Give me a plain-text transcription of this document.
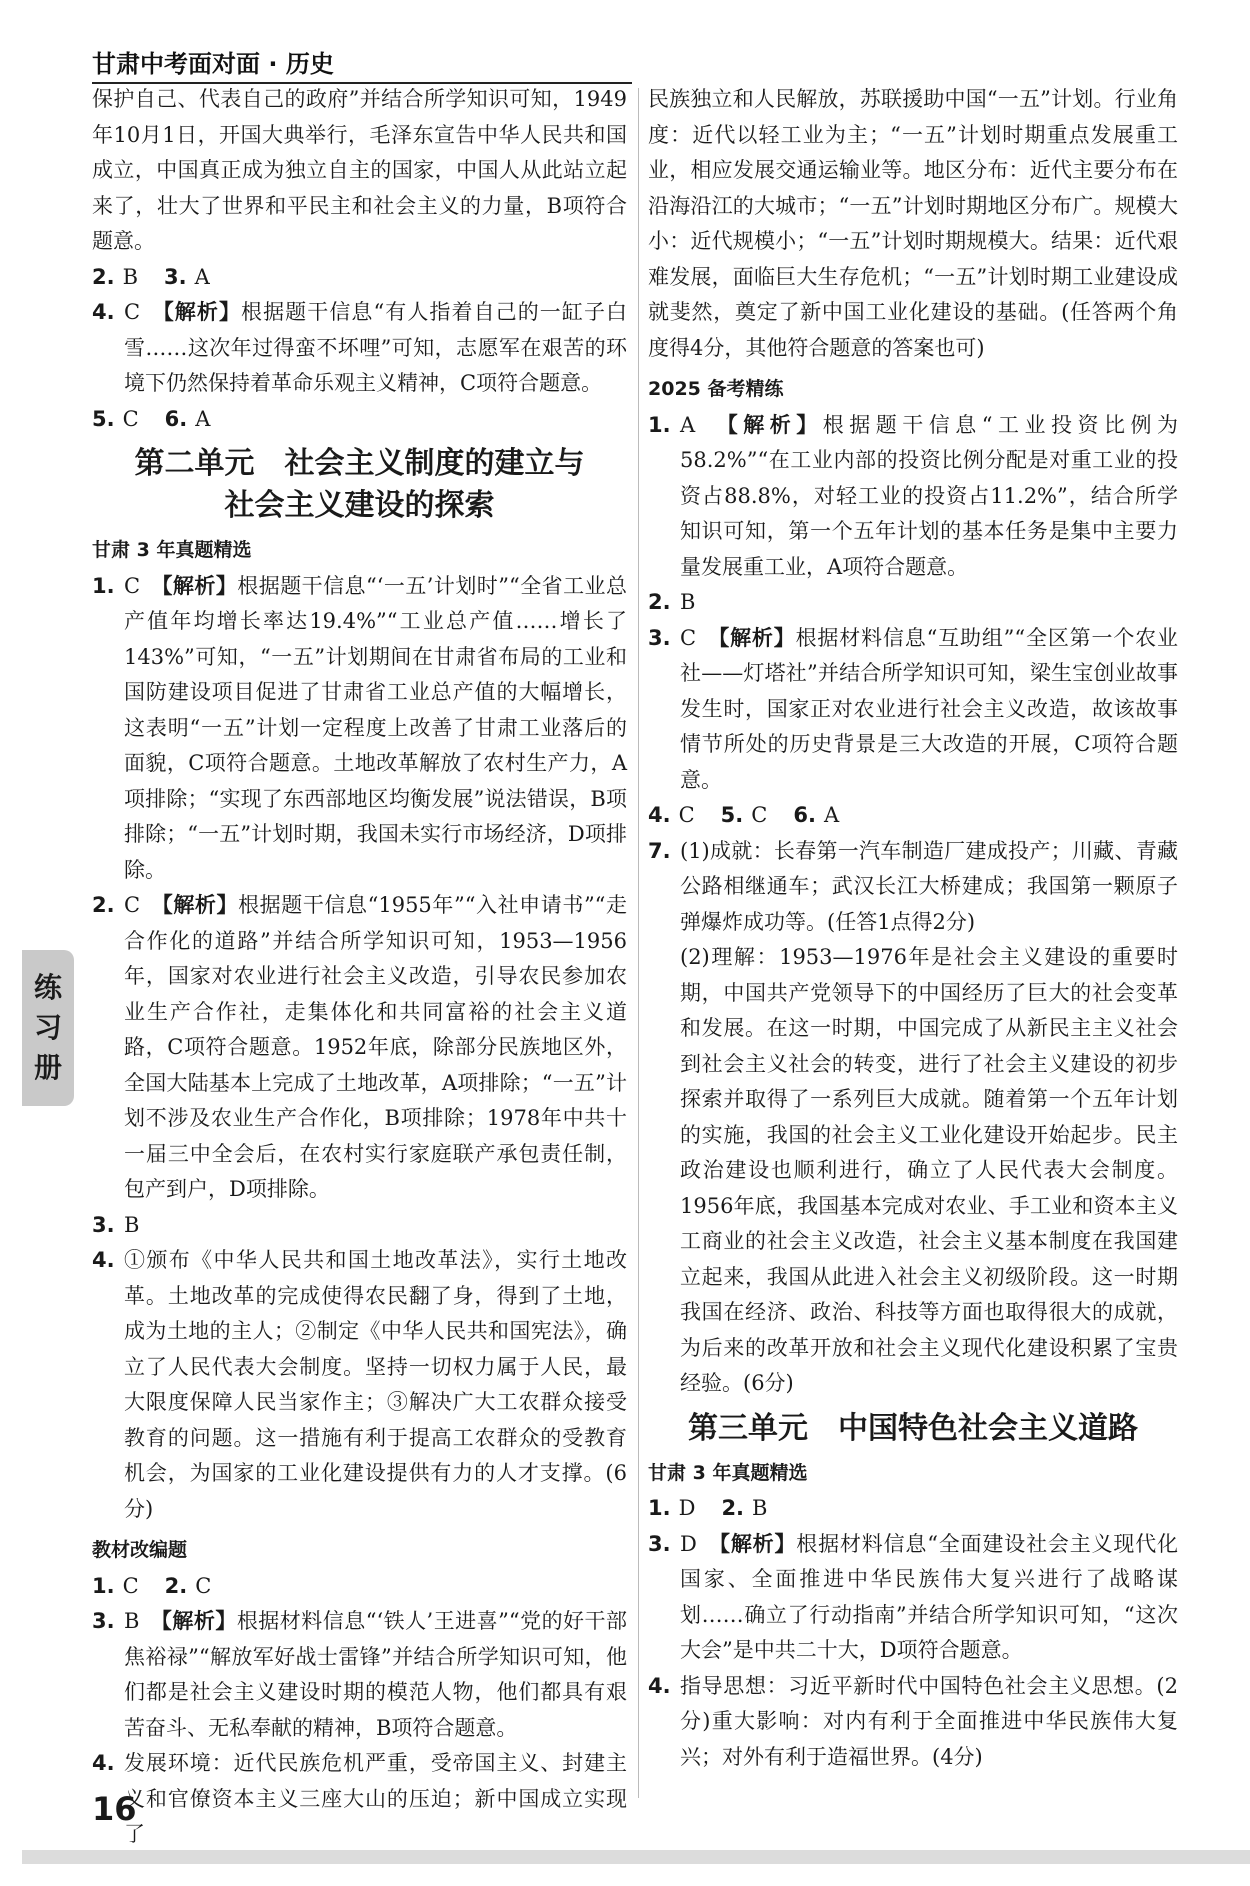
甘肃中考面对面 · 历史

保护自己、代表自己的政府”并结合所学知识可知，1949年10月1日，开国大典举行，毛泽东宣告中华人民共和国成立，中国真正成为独立自主的国家，中国人从此站立起来了，壮大了世界和平民主和社会主义的力量，B项符合题意。

2. B 3. A
4. C　 【解析】根据题干信息“有人指着自己的一缸子白雪……这次年过得蛮不坏哩”可知，志愿军在艰苦的环境下仍然保持着革命乐观主义精神，C项符合题意。
5. C 6. A
第二单元　社会主义制度的建立与
社会主义建设的探索
甘肃 3 年真题精选
1. C　 【解析】根据题干信息“‘一五’计划时”“全省工业总产值年均增长率达19.4%”“工业总产值……增长了143%”可知，“一五”计划期间在甘肃省布局的工业和国防建设项目促进了甘肃省工业总产值的大幅增长，这表明“一五”计划一定程度上改善了甘肃工业落后的面貌，C项符合题意。土地改革解放了农村生产力，A项排除；“实现了东西部地区均衡发展”说法错误，B项排除；“一五”计划时期，我国未实行市场经济，D项排除。
2. C　 【解析】根据题干信息“1955年”“入社申请书”“走合作化的道路”并结合所学知识可知，1953—1956年，国家对农业进行社会主义改造，引导农民参加农业生产合作社，走集体化和共同富裕的社会主义道路，C项符合题意。1952年底，除部分民族地区外，全国大陆基本上完成了土地改革，A项排除；“一五”计划不涉及农业生产合作化，B项排除；1978年中共十一届三中全会后，在农村实行家庭联产承包责任制，包产到户，D项排除。
3. B
4. ①颁布《中华人民共和国土地改革法》，实行土地改革。土地改革的完成使得农民翻了身，得到了土地，成为土地的主人；②制定《中华人民共和国宪法》，确立了人民代表大会制度。坚持一切权力属于人民，最大限度保障人民当家作主；③解决广大工农群众接受教育的问题。这一措施有利于提高工农群众的受教育机会，为国家的工业化建设提供有力的人才支撑。(6分)
教材改编题
1. C 2. C
3. B　 【解析】根据材料信息“‘铁人’王进喜”“党的好干部焦裕禄”“解放军好战士雷锋”并结合所学知识可知，他们都是社会主义建设时期的模范人物，他们都具有艰苦奋斗、无私奉献的精神，B项符合题意。
4. 发展环境：近代民族危机严重，受帝国主义、封建主义和官僚资本主义三座大山的压迫；新中国成立实现了

民族独立和人民解放，苏联援助中国“一五”计划。行业角度：近代以轻工业为主；“一五”计划时期重点发展重工业，相应发展交通运输业等。地区分布：近代主要分布在沿海沿江的大城市；“一五”计划时期地区分布广。规模大小：近代规模小；“一五”计划时期规模大。结果：近代艰难发展，面临巨大生存危机；“一五”计划时期工业建设成就斐然，奠定了新中国工业化建设的基础。(任答两个角度得4分，其他符合题意的答案也可)

2025 备考精练
1. A　 【解析】根据题干信息“工业投资比例为58.2%”“在工业内部的投资比例分配是对重工业的投资占88.8%，对轻工业的投资占11.2%”，结合所学知识可知，第一个五年计划的基本任务是集中主要力量发展重工业，A项符合题意。
2. B
3. C　 【解析】根据材料信息“互助组”“全区第一个农业社——灯塔社”并结合所学知识可知，梁生宝创业故事发生时，国家正对农业进行社会主义改造，故该故事情节所处的历史背景是三大改造的开展，C项符合题意。
4. C 5. C 6. A
7. (1)成就：长春第一汽车制造厂建成投产；川藏、青藏公路相继通车；武汉长江大桥建成；我国第一颗原子弹爆炸成功等。(任答1点得2分)
(2)理解：1953—1976年是社会主义建设的重要时期，中国共产党领导下的中国经历了巨大的社会变革和发展。在这一时期，中国完成了从新民主主义社会到社会主义社会的转变，进行了社会主义建设的初步探索并取得了一系列巨大成就。随着第一个五年计划的实施，我国的社会主义工业化建设开始起步。民主政治建设也顺利进行，确立了人民代表大会制度。1956年底，我国基本完成对农业、手工业和资本主义工商业的社会主义改造，社会主义基本制度在我国建立起来，我国从此进入社会主义初级阶段。这一时期我国在经济、政治、科技等方面也取得很大的成就，为后来的改革开放和社会主义现代化建设积累了宝贵经验。(6分)
第三单元　中国特色社会主义道路
甘肃 3 年真题精选
1. D 2. B
3. D　 【解析】根据材料信息“全面建设社会主义现代化国家、全面推进中华民族伟大复兴进行了战略谋划……确立了行动指南”并结合所学知识可知，“这次大会”是中共二十大，D项符合题意。
4. 指导思想：习近平新时代中国特色社会主义思想。(2分)重大影响：对内有利于全面推进中华民族伟大复兴；对外有利于造福世界。(4分)
练
习
册
16
